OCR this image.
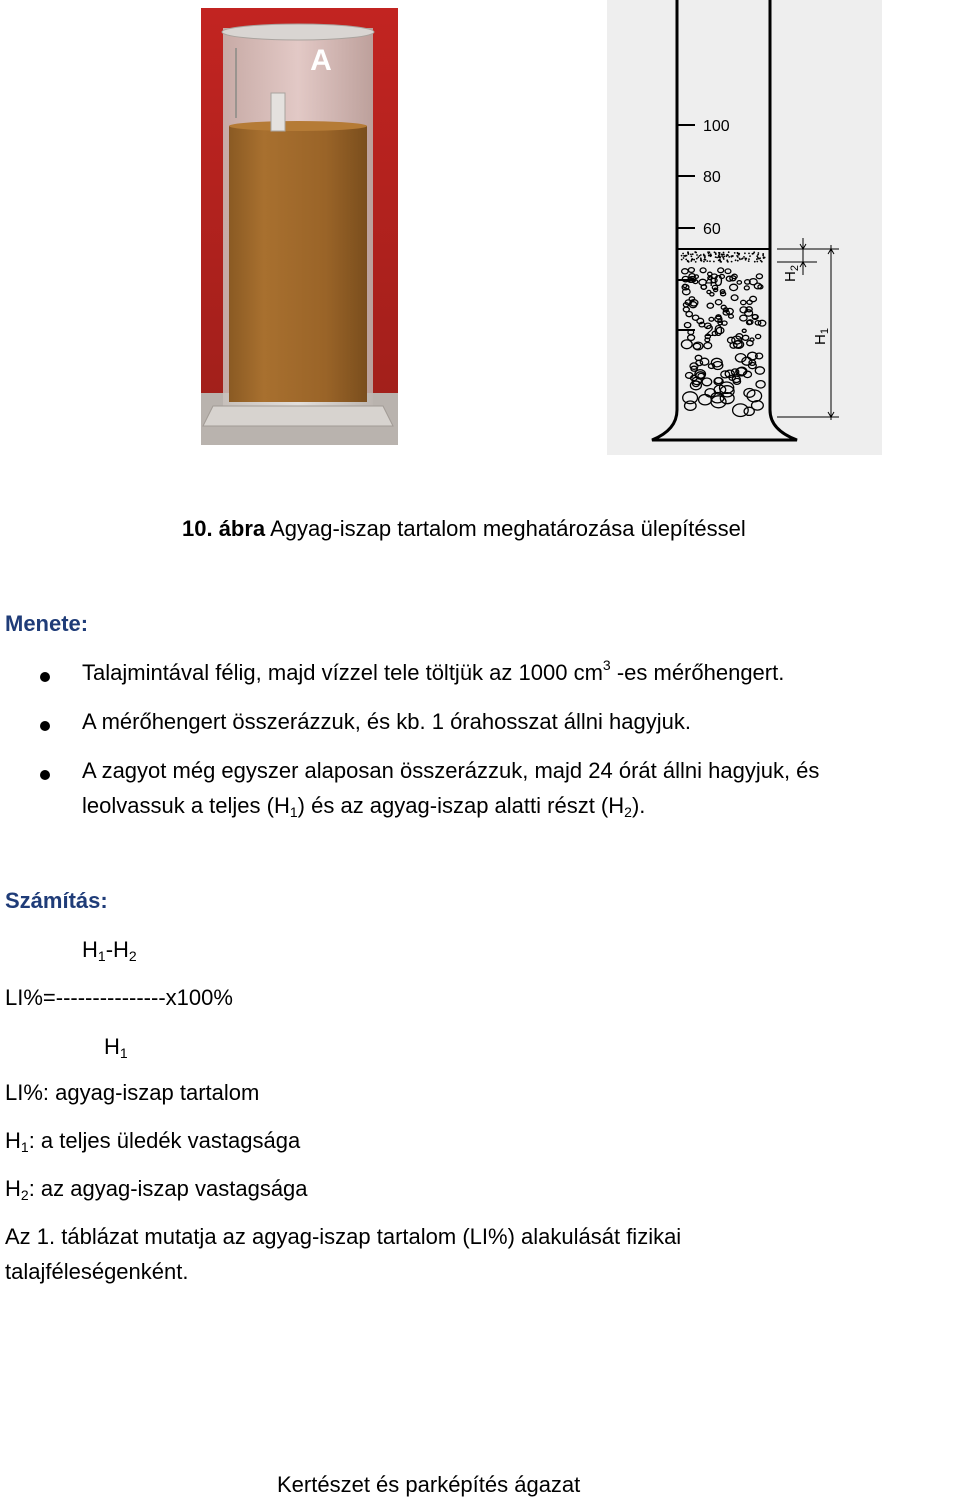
A
100
80
60
40
20
$H_2$
$H_1$
10. ábra Agyag-iszap tartalom meghatározása ülepítéssel
Menete:
Talajmintával félig, majd vízzel tele töltjük az 1000 $cm^3$ -es mérőhengert.
A mérőhengert összerázzuk, és kb. 1 órahosszat állni hagyjuk.
A zagyot még egyszer alaposan összerázzuk, majd 24 órát állni hagyjuk, és
leolvassuk a teljes $(H_1)$ és az agyag-iszap alatti részt $(H_2)$.
Számítás:
$H_1-H_2$
LI%=---------------x100%
$H_1$
LI%: agyag-iszap tartalom
$H_1$: a teljes üledék vastagsága
$H_2$: az agyag-iszap vastagsága
Az 1. táblázat mutatja az agyag-iszap tartalom (LI%) alakulását fizikai
talajféleségenként.
Kertészet és parképítés ágazat
